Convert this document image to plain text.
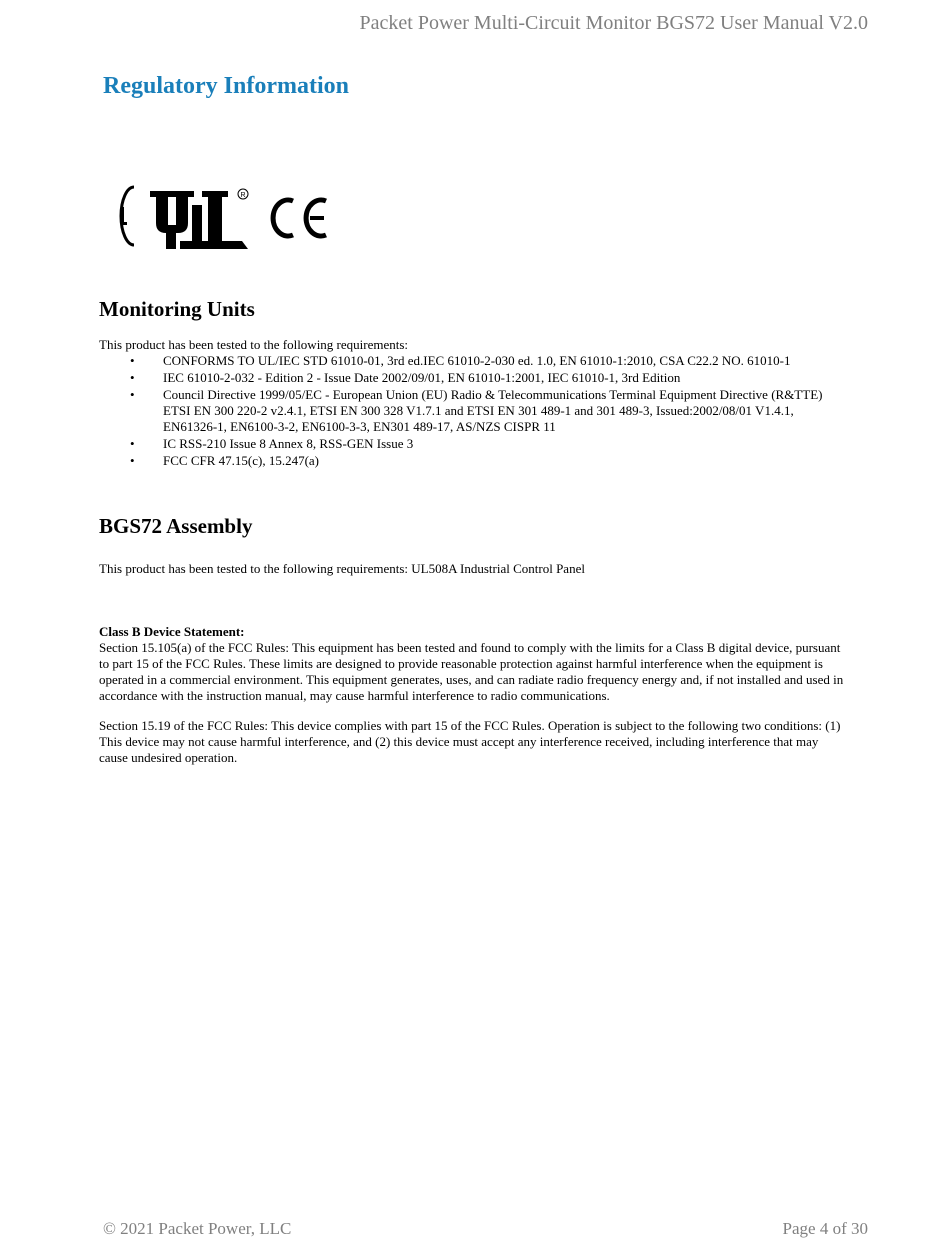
Packet Power Multi-Circuit Monitor BGS72 User Manual V2.0
Regulatory Information
R
Monitoring Units
This product has been tested to the following requirements:
• CONFORMS TO UL/IEC STD 61010-01, 3rd ed.IEC 61010-2-030 ed. 1.0, EN 61010-1:2010, CSA C22.2 NO. 61010-1
• IEC 61010-2-032 - Edition 2 - Issue Date 2002/09/01, EN 61010-1:2001, IEC 61010-1, 3rd Edition
• Council Directive 1999/05/EC - European Union (EU) Radio & Telecommunications Terminal Equipment Directive (R&TTE) ETSI EN 300 220-2 v2.4.1, ETSI EN 300 328 V1.7.1 and ETSI EN 301 489-1 and 301 489-3, Issued:2002/08/01 V1.4.1, EN61326-1, EN6100-3-2, EN6100-3-3, EN301 489-17, AS/NZS CISPR 11
• IC RSS-210 Issue 8 Annex 8, RSS-GEN Issue 3
• FCC CFR 47.15(c), 15.247(a)
BGS72 Assembly
This product has been tested to the following requirements: UL508A Industrial Control Panel
Class B Device Statement:
Section 15.105(a) of the FCC Rules: This equipment has been tested and found to comply with the limits for a Class B digital device, pursuant to part 15 of the FCC Rules. These limits are designed to provide reasonable protection against harmful interference when the equipment is operated in a commercial environment. This equipment generates, uses, and can radiate radio frequency energy and, if not installed and used in accordance with the instruction manual, may cause harmful interference to radio communications.
Section 15.19 of the FCC Rules: This device complies with part 15 of the FCC Rules. Operation is subject to the following two conditions: (1) This device may not cause harmful interference, and (2) this device must accept any interference received, including interference that may cause undesired operation.
© 2021 Packet Power, LLC	Page 4 of 30
